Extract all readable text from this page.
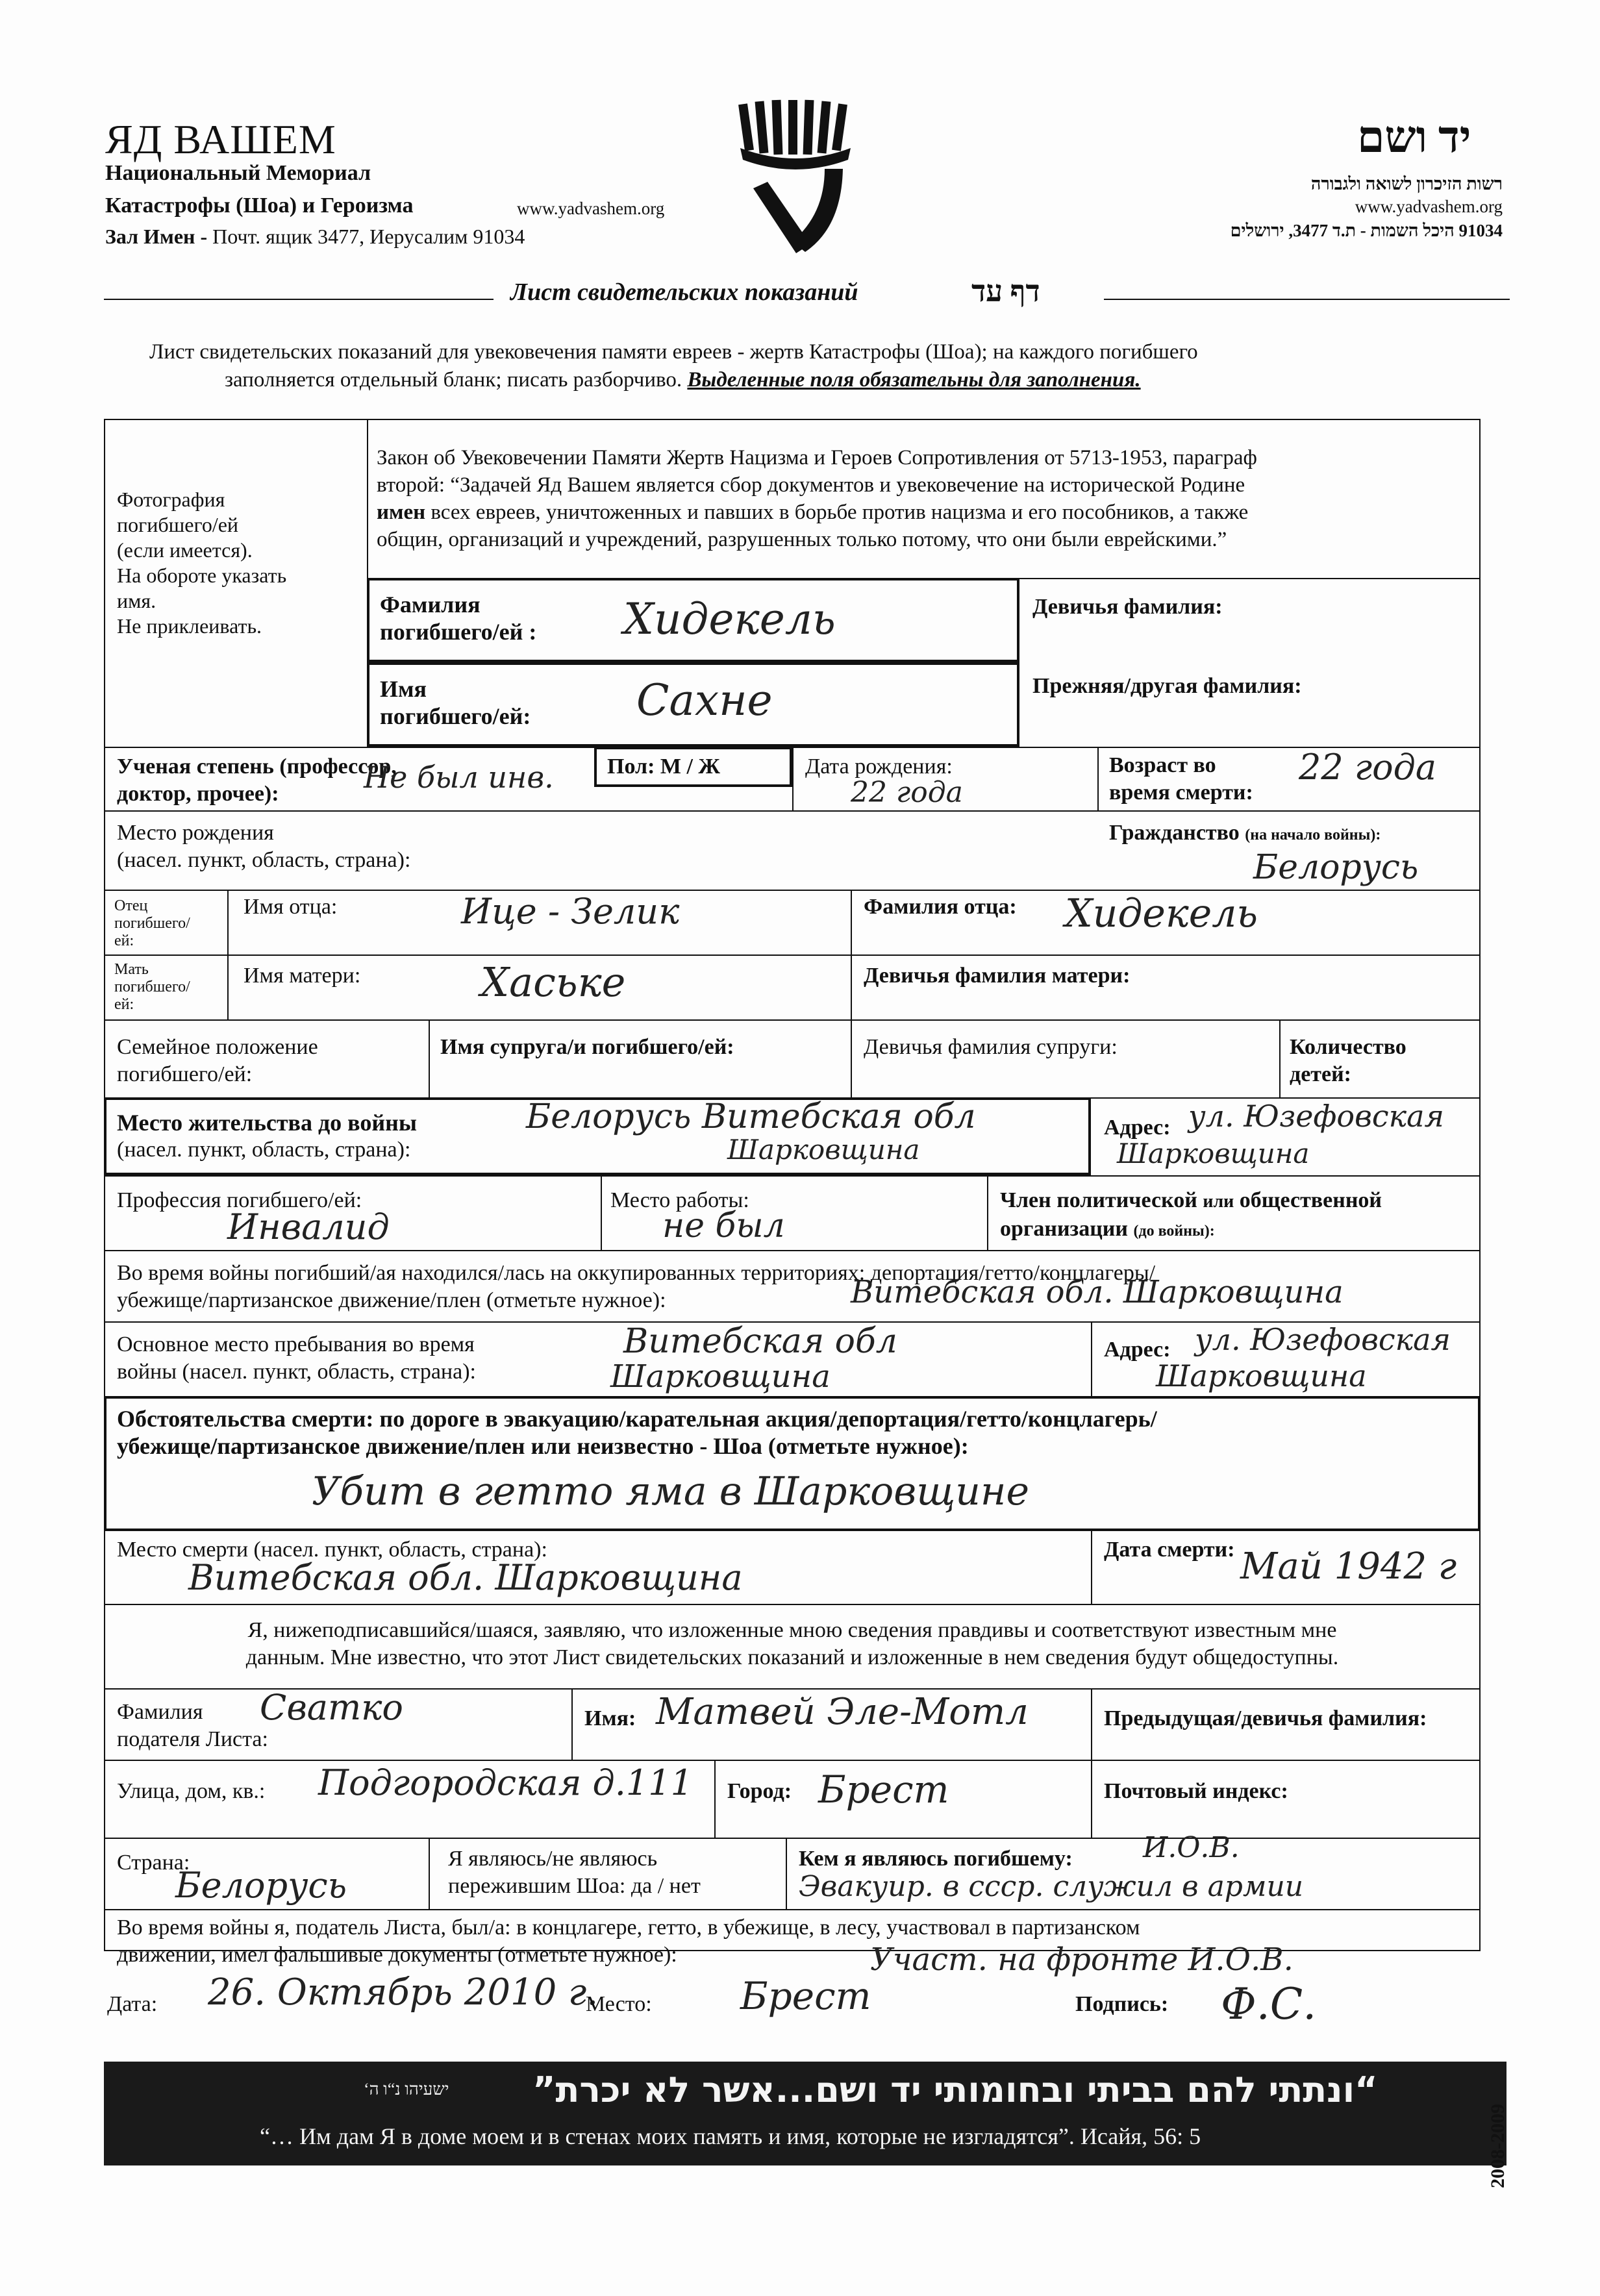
ЯД ВАШЕМ
Национальный Мемориал
Катастрофы (Шоа) и Героизма	www.yadvashem.org
Зал Имен - Почт. ящик 3477, Иерусалим 91034
יד ושם
רשות הזיכרון לשואה ולגבורה
www.yadvashem.org
91034 היכל השמות - ת.ד 3477, ירושלים
Лист свидетельских показаний	דף עד
Лист свидетельских показаний для увековечения памяти евреев - жертв Катастрофы (Шоа); на каждого погибшего
заполняется отдельный бланк; писать разборчиво. Выделенные поля обязательны для заполнения.
Фотография
погибшего/ей
(если имеется).
На обороте указать
имя.
Не приклеивать.
Закон об Увековечении Памяти Жертв Нацизма и Героев Сопротивления от 5713-1953, параграф
второй: “Задачей Яд Вашем является сбор документов и увековечение на исторической Родине
имен всех евреев, уничтоженных и павших в борьбе против нацизма и его пособников, а также
общин, организаций и учреждений, разрушенных только потому, что они были еврейскими.”
Фамилия
погибшего/ей : Хидекель	Девичья фамилия:
Имя
погибшего/ей: Сахне	Прежняя/другая фамилия:
Ученая степень (профессор,
доктор, прочее):	Не был инв. Пол: М / Ж	Дата рождения:
22 года
Возраст во
время смерти:
22 года
Место рождения
(насел. пункт, область, страна):
Гражданство (на начало войны):
Белорусь
Отец
погибшего/
ей:
Имя отца:	Ице - Зелик	Фамилия отца: Хидекель
Мать
погибшего/
ей:
Имя матери:	Хаське	Девичья фамилия матери:
Семейное положение
погибшего/ей:
Имя супруга/и погибшего/ей:	Девичья фамилия супруги:	Количество
детей:
Место жительства до войны
(насел. пункт, область, страна):
Белорусь Витебская обл
Шарковщина
Адрес: ул. Юзефовская
Шарковщина
Профессия погибшего/ей:
Инвалид
Место работы:
не был
Член политической или общественной
организации (до войны):
Во время войны погибший/ая находился/лась на оккупированных территориях: депортация/гетто/концлагеры/
убежище/партизанское движение/плен (отметьте нужное):	Витебская обл. Шарковщина
Основное место пребывания во время
войны (насел. пункт, область, страна):
Витебская обл
Шарковщина
Адрес: ул. Юзефовская
Шарковщина
Обстоятельства смерти: по дороге в эвакуацию/карательная акция/депортация/гетто/концлагерь/
убежище/партизанское движение/плен или неизвестно - Шоа (отметьте нужное):
Убит в гетто ямa в Шарковщине
Место смерти (насел. пункт, область, страна):
Витебская обл. Шарковщина
Дата смерти: Май 1942 г
Я, нижеподписавшийся/шаяся, заявляю, что изложенные мною сведения правдивы и соответствуют известным мне
данным. Мне известно, что этот Лист свидетельских показаний и изложенные в нем сведения будут общедоступны.
Фамилия
подателя Листа:
Сватко	Имя: Матвей Эле-Мотл	Предыдущая/девичья фамилия:
Улица, дом, кв.: Подгородская д.111 Город: Брест	Почтовый индекс:
Страна:
Белорусь
Я являюсь/не являюсь
пережившим Шоа: да / нет
Кем я являюсь погибшему: И.О.В.
Эвакуир. в ссср. служил в армии
Во время войны я, податель Листа, был/а: в концлагере, гетто, в убежище, в лесу, участвовал в партизанском
движении, имел фальшивые документы (отметьте нужное):	Участ. на фронте И.О.В.
Дата: 26. Октябрь 2010 г.
Место: Брест	Подпись: Ф.С.
“ונתתי להם בביתי ובחומותי יד ושם...אשר לא יכרת”
ישעיהו נ“ו ה‘
“… Им дам Я в доме моем и в стенах моих память и имя, которые не изгладятся”. Исайя, 56: 5	2008-2009
